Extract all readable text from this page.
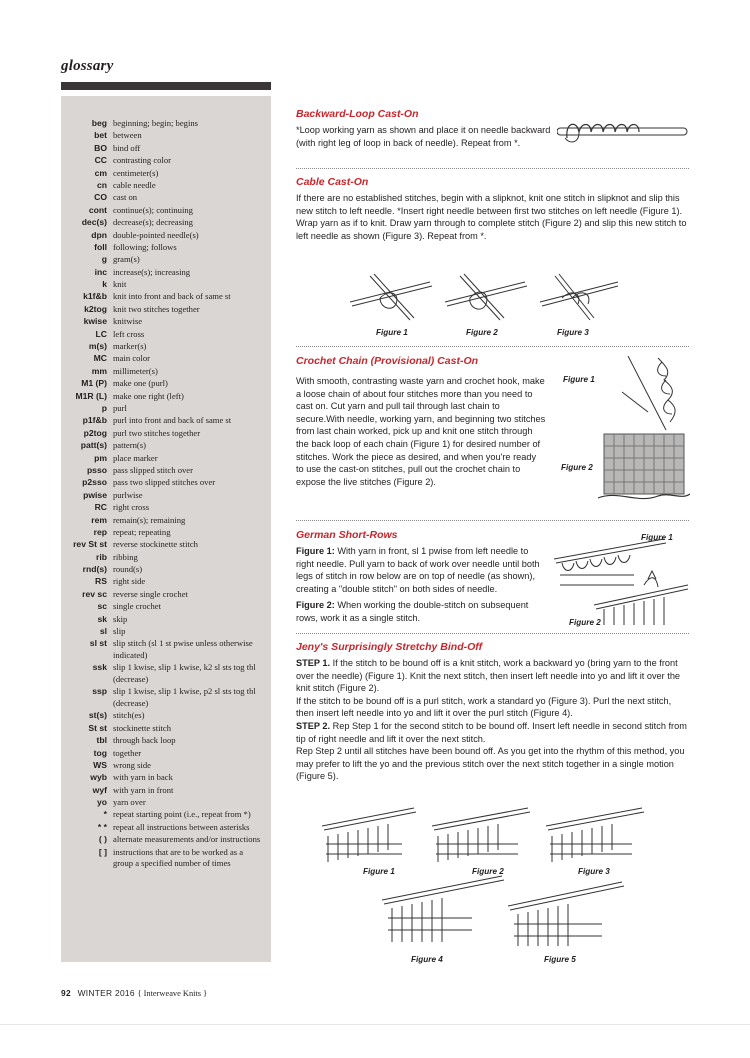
glossary
beg beginning; begin; begins
bet between
BO bind off
CC contrasting color
cm centimeter(s)
cn cable needle
CO cast on
cont continue(s); continuing
dec(s) decrease(s); decreasing
dpn double-pointed needle(s)
foll following; follows
g gram(s)
inc increase(s); increasing
k knit
k1f&b knit into front and back of same st
k2tog knit two stitches together
kwise knitwise
LC left cross
m(s) marker(s)
MC main color
mm millimeter(s)
M1 (P) make one (purl)
M1R (L) make one right (left)
p purl
p1f&b purl into front and back of same st
p2tog purl two stitches together
patt(s) pattern(s)
pm place marker
psso pass slipped stitch over
p2sso pass two slipped stitches over
pwise purlwise
RC right cross
rem remain(s); remaining
rep repeat; repeating
rev St st reverse stockinette stitch
rib ribbing
rnd(s) round(s)
RS right side
rev sc reverse single crochet
sc single crochet
sk skip
sl slip
sl st slip stitch (sl 1 st pwise unless otherwise indicated)
ssk slip 1 kwise, slip 1 kwise, k2 sl sts tog tbl (decrease)
ssp slip 1 kwise, slip 1 kwise, p2 sl sts tog tbl (decrease)
st(s) stitch(es)
St st stockinette stitch
tbl through back loop
tog together
WS wrong side
wyb with yarn in back
wyf with yarn in front
yo yarn over
* repeat starting point (i.e., repeat from *)
* * repeat all instructions between asterisks
( ) alternate measurements and/or instructions
[ ] instructions that are to be worked as a group a specified number of times
Backward-Loop Cast-On
*Loop working yarn as shown and place it on needle backward (with right leg of loop in back of needle). Repeat from *.
Cable Cast-On
If there are no established stitches, begin with a slipknot, knit one stitch in slipknot and slip this new stitch to left needle. *Insert right needle between first two stitches on left needle (Figure 1). Wrap yarn as if to knit. Draw yarn through to complete stitch (Figure 2) and slip this new stitch to left needle as shown (Figure 3). Repeat from *.
Figure 1	Figure 2	Figure 3
Crochet Chain (Provisional) Cast-On
With smooth, contrasting waste yarn and crochet hook, make a loose chain of about four stitches more than you need to cast on. Cut yarn and pull tail through last chain to secure.With needle, working yarn, and beginning two stitches from last chain worked, pick up and knit one stitch through the back loop of each chain (Figure 1) for desired number of stitches. Work the piece as desired, and when you're ready to use the cast-on stitches, pull out the crochet chain to expose the live stitches (Figure 2).
Figure 1
Figure 2
German Short-Rows
Figure 1: With yarn in front, sl 1 pwise from left needle to right needle. Pull yarn to back of work over needle until both legs of stitch in row below are on top of needle (as shown), creating a "double stitch" on both sides of needle.
Figure 2: When working the double-stitch on subsequent rows, work it as a single stitch.
Figure 1
Figure 2
Jeny's Surprisingly Stretchy Bind-Off
STEP 1. If the stitch to be bound off is a knit stitch, work a backward yo (bring yarn to the front over the needle) (Figure 1). Knit the next stitch, then insert left needle into yo and lift it over the knit stitch (Figure 2).
If the stitch to be bound off is a purl stitch, work a standard yo (Figure 3). Purl the next stitch, then insert left needle into yo and lift it over the purl stitch (Figure 4).
STEP 2. Rep Step 1 for the second stitch to be bound off. Insert left needle in second stitch from tip of right needle and lift it over the next stitch.
Rep Step 2 until all stitches have been bound off. As you get into the rhythm of this method, you may prefer to lift the yo and the previous stitch over the next stitch together in a single motion (Figure 5).
Figure 1	Figure 2	Figure 3
Figure 4	Figure 5
92 WINTER 2016 { Interweave Knits }
